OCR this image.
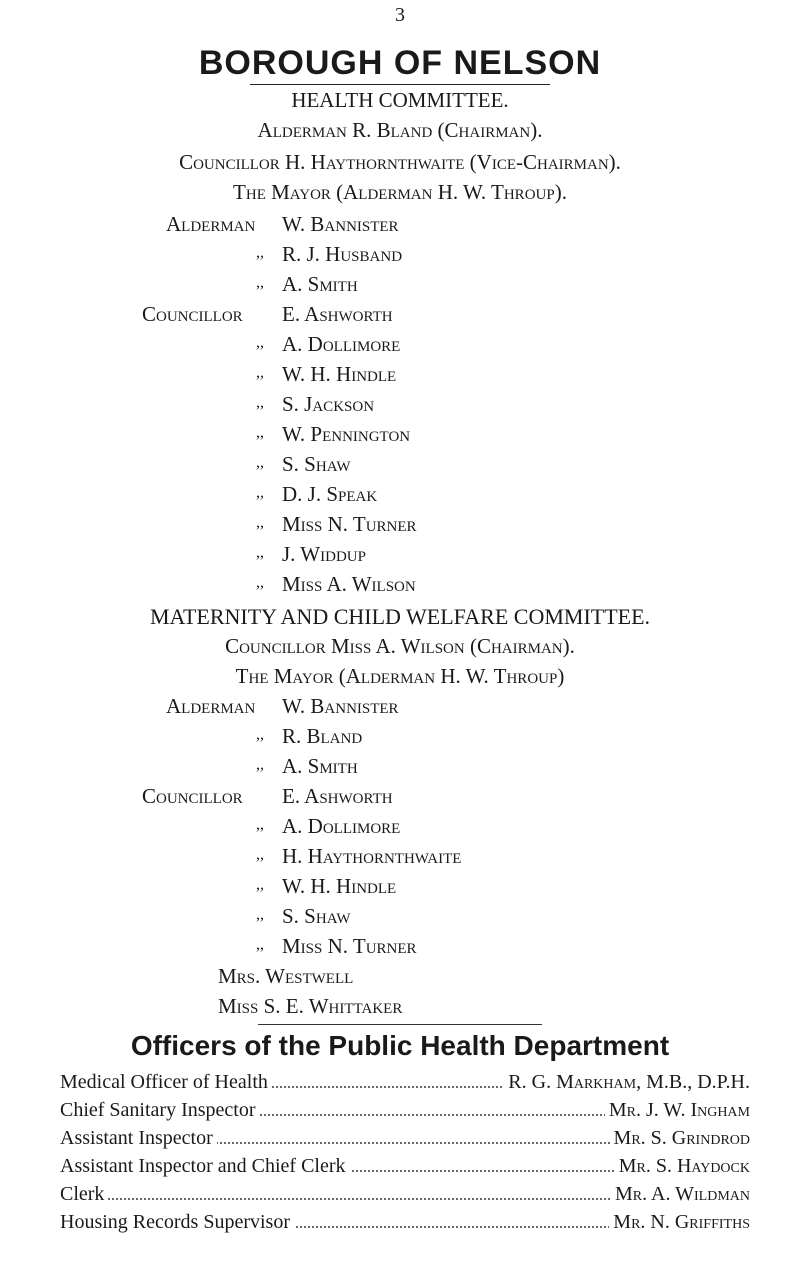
3
BOROUGH OF NELSON
HEALTH COMMITTEE.
Alderman R. Bland (Chairman).
Councillor H. Haythornthwaite (Vice-Chairman).
The Mayor (Alderman H. W. Throup).
Alderman W. Bannister
,, R. J. Husband
,, A. Smith
Councillor E. Ashworth
,, A. Dollimore
,, W. H. Hindle
,, S. Jackson
,, W. Pennington
,, S. Shaw
,, D. J. Speak
,, Miss N. Turner
,, J. Widdup
,, Miss A. Wilson
MATERNITY AND CHILD WELFARE COMMITTEE.
Councillor Miss A. Wilson (Chairman).
The Mayor (Alderman H. W. Throup)
Alderman W. Bannister
,, R. Bland
,, A. Smith
Councillor E. Ashworth
,, A. Dollimore
,, H. Haythornthwaite
,, W. H. Hindle
,, S. Shaw
,, Miss N. Turner
Mrs. Westwell
Miss S. E. Whittaker
Officers of the Public Health Department
Medical Officer of Health	R. G. Markham, M.B., D.P.H.
Chief Sanitary Inspector	Mr. J. W. Ingham
Assistant Inspector	Mr. S. Grindrod
Assistant Inspector and Chief Clerk	Mr. S. Haydock
Clerk	Mr. A. Wildman
Housing Records Supervisor	Mr. N. Griffiths
